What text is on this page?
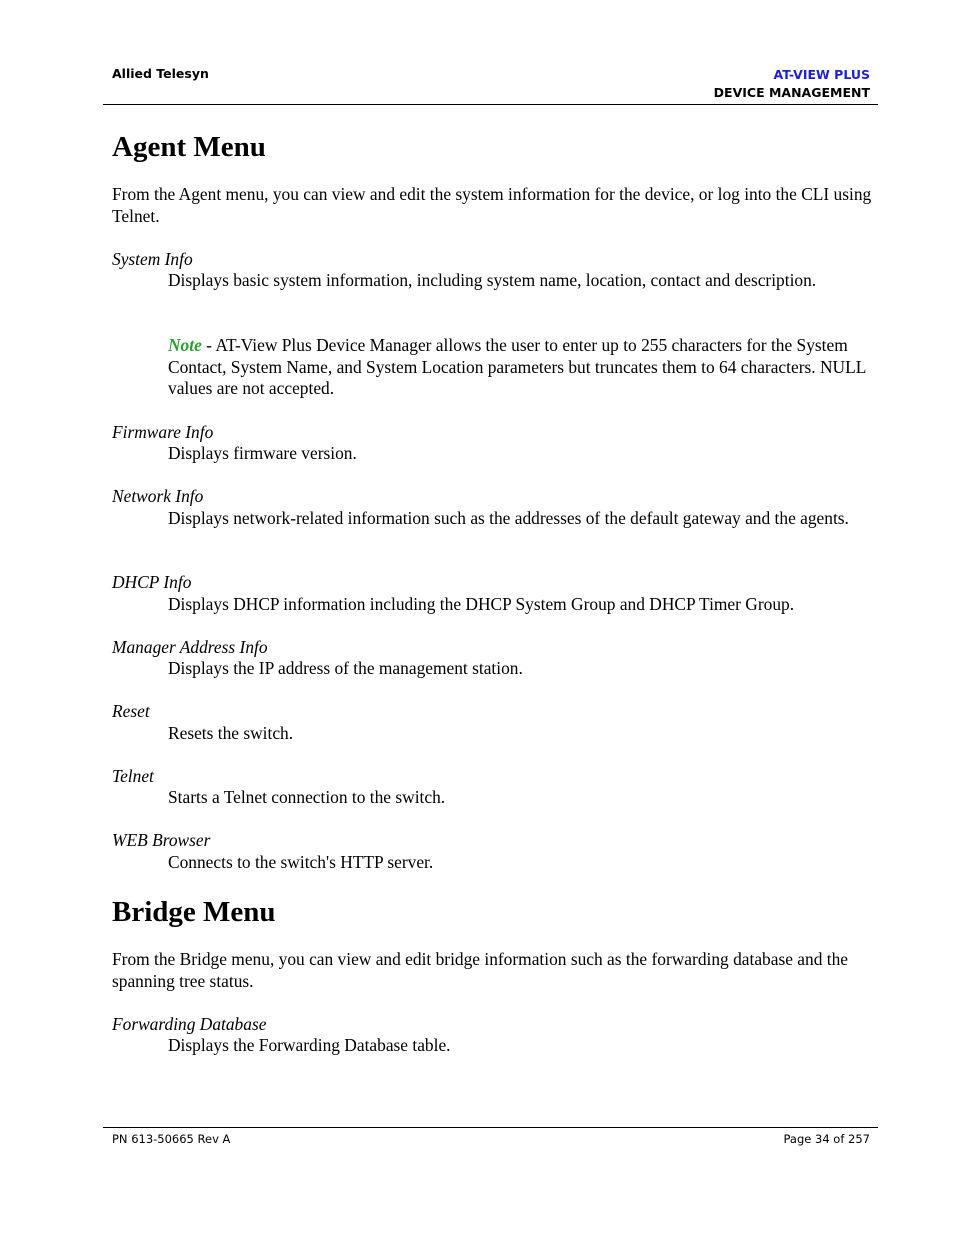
Allied Telesyn	AT-VIEW PLUS
DEVICE MANAGEMENT
Agent Menu

From the Agent menu, you can view and edit the system information for the device, or log into the CLI using Telnet.

System Info

Displays basic system information, including system name, location, contact and description.

Note - AT-View Plus Device Manager allows the user to enter up to 255 characters for the System Contact, System Name, and System Location parameters but truncates them to 64 characters. NULL values are not accepted.

Firmware Info

Displays firmware version.

Network Info

Displays network-related information such as the addresses of the default gateway and the agents.

DHCP Info

Displays DHCP information including the DHCP System Group and DHCP Timer Group.

Manager Address Info

Displays the IP address of the management station.

Reset

Resets the switch.

Telnet

Starts a Telnet connection to the switch.

WEB Browser

Connects to the switch's HTTP server.

Bridge Menu

From the Bridge menu, you can view and edit bridge information such as the forwarding database and the spanning tree status.

Forwarding Database

Displays the Forwarding Database table.

PN 613-50665 Rev A	Page 34 of 257
